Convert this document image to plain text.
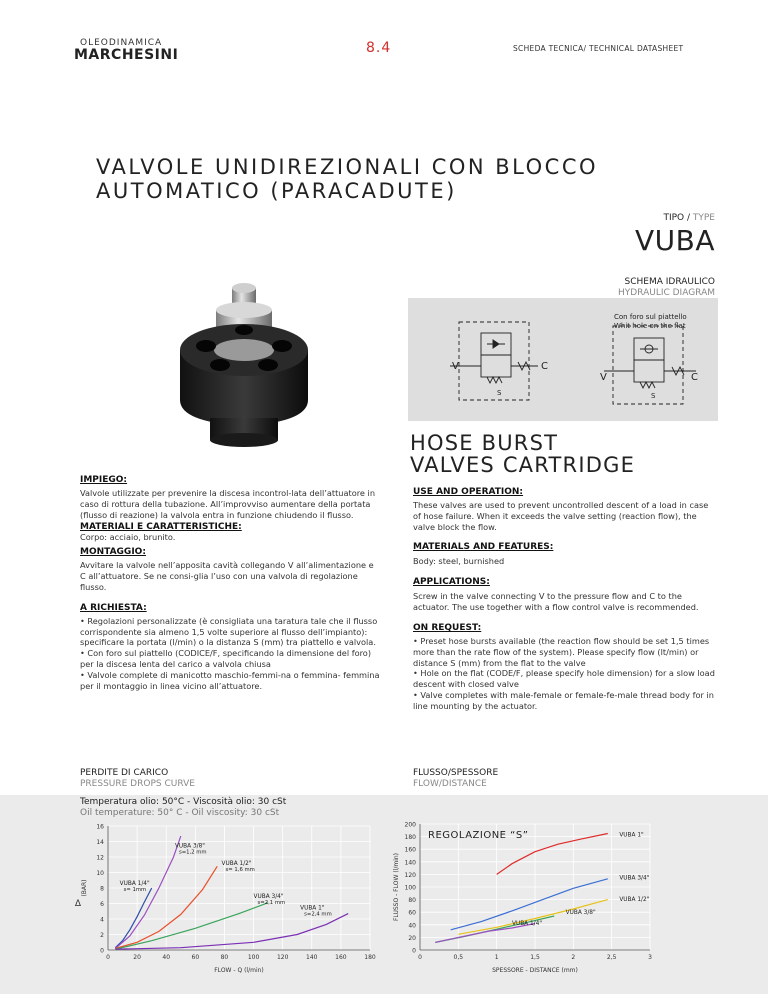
OLEODINAMICA
MARCHESINI	8.4	SCHEDA TECNICA/ TECHNICAL DATASHEET
VALVOLE UNIDIREZIONALI CON BLOCCO AUTOMATICO (PARACADUTE)
TIPO / TYPE
VUBA
SCHEMA IDRAULICO
HYDRAULIC DIAGRAM
V	C
S
V	C
S
Con foro sul piattello
Whit hole on the flat
HOSE BURST
VALVES CARTRIDGE
IMPIEGO:
Valvole utilizzate per prevenire la discesa incontrol-lata dell’attuatore in caso di rottura della tubazione. All’improvviso aumentare della portata (flusso di reazione) la valvola entra in funzione chiudendo il flusso.
MATERIALI E CARATTERISTICHE:
Corpo: acciaio, brunito.
MONTAGGIO:
Avvitare la valvole nell’apposita cavità collegando V all’alimentazione e C all’attuatore. Se ne consi-glia l’uso con una valvola di regolazione flusso.
A RICHIESTA:
• Regolazioni personalizzate (è consigliata una taratura tale che il flusso corrispondente sia almeno 1,5 volte superiore al flusso dell’impianto): specificare la portata (l/min) o la distanza S (mm) tra piattello e valvola.
• Con foro sul piattello (CODICE/F, specificando la dimensione del foro) per la discesa lenta del carico a valvola chiusa
• Valvole complete di manicotto maschio-femmi-na o femmina- femmina per il montaggio in linea vicino all’attuatore.
PERDITE DI CARICO
PRESSURE DROPS CURVE
USE AND OPERATION:
These valves are used to prevent uncontrolled descent of a load in case of hose failure. When it exceeds the valve setting (reaction flow), the valve block the flow.
MATERIALS AND FEATURES:
Body: steel, burnished
APPLICATIONS:
Screw in the valve connecting V to the pressure flow and C to the actuator. The use together with a flow control valve is recommended.
ON REQUEST:
• Preset hose bursts available (the reaction flow should be set 1,5 times more than the rate flow of the system). Please specify flow (lt/min) or distance S (mm) from the flat to the valve
• Hole on the flat (CODE/F, please specify hole dimension) for a slow load descent with closed valve
• Valve completes with male-female or female-fe-male thread body for in line mounting by the actuator.
FLUSSO/SPESSORE
FLOW/DISTANCE
Temperatura olio: 50°C - Viscosità olio: 30 cSt
Oil temperature: 50° C - Oil viscosity: 30 cSt
0
2
4
6
8
10
12
14
16
0	20	40	60	80	100	120	140	160	180
FLOW - Q (l/min)
(BAR)
Δ
VUBA 1/4"
s= 1mm
VUBA 3/8"
s=1,2 mm
VUBA 1/2"
s= 1,6 mm
VUBA 3/4"
s=2,1 mm
VUBA 1"
s=2,4 mm
0
20
40
60
80
100
120
140
160
180
200
0	0,5	1	1,5	2	2,5	3
SPESSORE - DISTANCE (mm)
FLUSSO - FLOW (l/min)
REGOLAZIONE “S”	VUBA 1"
VUBA 3/4"
VUBA 1/2"
VUBA 3/8"
VUBA 1/4"
